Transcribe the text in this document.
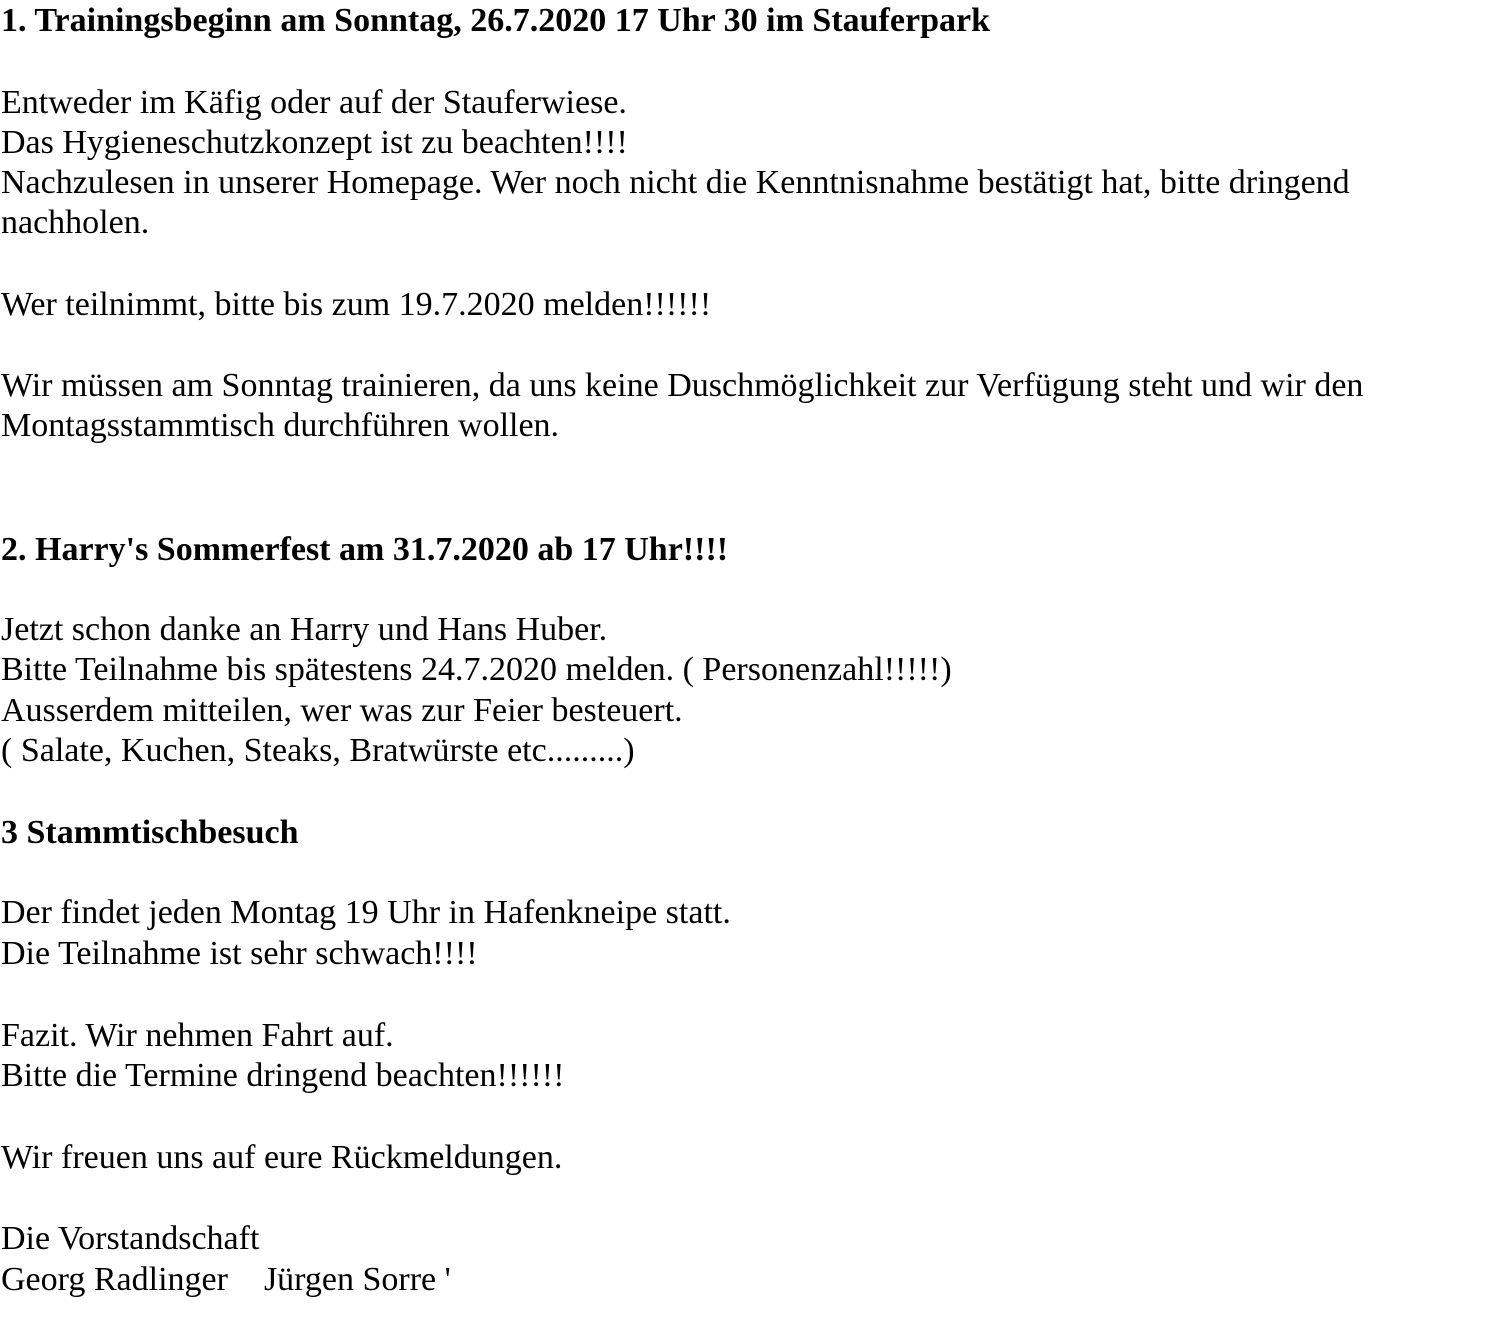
1. Trainingsbeginn am Sonntag, 26.7.2020 17 Uhr 30 im Stauferpark

Entweder im Käfig oder auf der Stauferwiese.

Das Hygieneschutzkonzept ist zu beachten!!!!

Nachzulesen in unserer Homepage. Wer noch nicht die Kenntnisnahme bestätigt hat, bitte dringend

nachholen.

Wer teilnimmt, bitte bis zum 19.7.2020 melden!!!!!!

Wir müssen am Sonntag trainieren, da uns keine Duschmöglichkeit zur Verfügung steht und wir den

Montagsstammtisch durchführen wollen.

2. Harry's Sommerfest am 31.7.2020 ab 17 Uhr!!!!

Jetzt schon danke an Harry und Hans Huber.

Bitte Teilnahme bis spätestens 24.7.2020 melden. ( Personenzahl!!!!!)

Ausserdem mitteilen, wer was zur Feier besteuert.

( Salate, Kuchen, Steaks, Bratwürste etc.........)

3 Stammtischbesuch

Der findet jeden Montag 19 Uhr in Hafenkneipe statt.

Die Teilnahme ist sehr schwach!!!!

Fazit. Wir nehmen Fahrt auf.

Bitte die Termine dringend beachten!!!!!!

Wir freuen uns auf eure Rückmeldungen.

Die Vorstandschaft

Georg Radlinger Jürgen Sorre '
